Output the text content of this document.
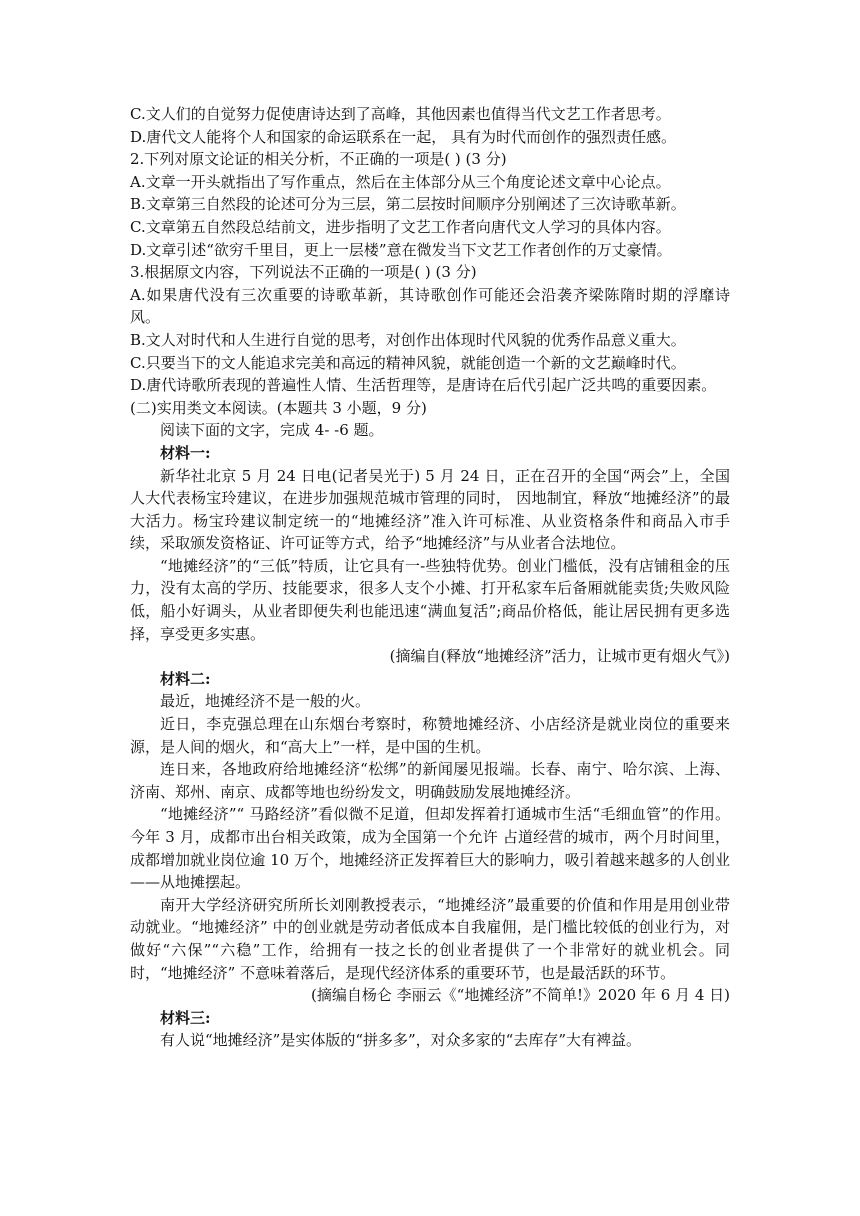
C.文人们的自觉努力促使唐诗达到了高峰，其他因素也值得当代文艺工作者思考。
D.唐代文人能将个人和国家的命运联系在一起， 具有为时代而创作的强烈责任感。
2.下列对原文论证的相关分析，不正确的一项是( ) (3 分)
A.文章一开头就指出了写作重点，然后在主体部分从三个角度论述文章中心论点。
B.文章第三自然段的论述可分为三层，第二层按时间顺序分别阐述了三次诗歌革新。
C.文章第五自然段总结前文，进步指明了文艺工作者向唐代文人学习的具体内容。
D.文章引述“欲穷千里目，更上一层楼”意在微发当下文艺工作者创作的万丈豪情。
3.根据原文内容，下列说法不正确的一项是( ) (3 分)
A.如果唐代没有三次重要的诗歌革新，其诗歌创作可能还会沿袭齐梁陈隋时期的浮靡诗风。
B.文人对时代和人生进行自觉的思考，对创作出体现时代风貌的优秀作品意义重大。
C.只要当下的文人能追求完美和高远的精神风貌，就能创造一个新的文艺巅峰时代。
D.唐代诗歌所表现的普遍性人情、生活哲理等，是唐诗在后代引起广泛共鸣的重要因素。
(二)实用类文本阅读。(本题共 3 小题，9 分)
阅读下面的文字，完成 4- -6 题。
材料一:
新华社北京 5 月 24 日电(记者吴光于) 5 月 24 日，正在召开的全国“两会”上，全国人大代表杨宝玲建议，在进步加强规范城市管理的同时， 因地制宜，释放“地摊经济”的最大活力。杨宝玲建议制定统一的“地摊经济”准入许可标准、从业资格条件和商品入市手续，采取颁发资格证、许可证等方式，给予“地摊经济”与从业者合法地位。
“地摊经济”的“三低”特质，让它具有一-些独特优势。创业门槛低，没有店铺租金的压力，没有太高的学历、技能要求，很多人支个小摊、打开私家车后备厢就能卖货;失败风险低，船小好调头，从业者即便失利也能迅速“满血复活”;商品价格低，能让居民拥有更多选择，享受更多实惠。
(摘编自(释放“地摊经济”活力，让城市更有烟火气》)
材料二:
最近，地摊经济不是一般的火。
近日，李克强总理在山东烟台考察时，称赞地摊经济、小店经济是就业岗位的重要来源，是人间的烟火，和“高大上”一样，是中国的生机。
连日来，各地政府给地摊经济“松绑”的新闻屡见报端。长春、南宁、哈尔滨、上海、济南、郑州、南京、成都等地也纷纷发文，明确鼓励发展地摊经济。
“地摊经济”“ 马路经济”看似微不足道，但却发挥着打通城市生活“毛细血管”的作用。今年 3 月，成都市出台相关政策，成为全国第一个允许 占道经营的城市，两个月时间里，成都增加就业岗位逾 10 万个，地摊经济正发挥着巨大的影响力，吸引着越来越多的人创业——从地摊摆起。
南开大学经济研究所所长刘刚教授表示，“地摊经济”最重要的价值和作用是用创业带动就业。“地摊经济” 中的创业就是劳动者低成本自我雇佣，是门槛比较低的创业行为，对做好“六保”“六稳”工作，给拥有一技之长的创业者提供了一个非常好的就业机会。同时，“地摊经济” 不意味着落后，是现代经济体系的重要环节，也是最活跃的环节。
(摘编自杨仑 李丽云《“地摊经济”不简单!》2020 年 6 月 4 日)
材料三:
有人说“地摊经济”是实体版的“拼多多”，对众多家的“去库存”大有裨益。
